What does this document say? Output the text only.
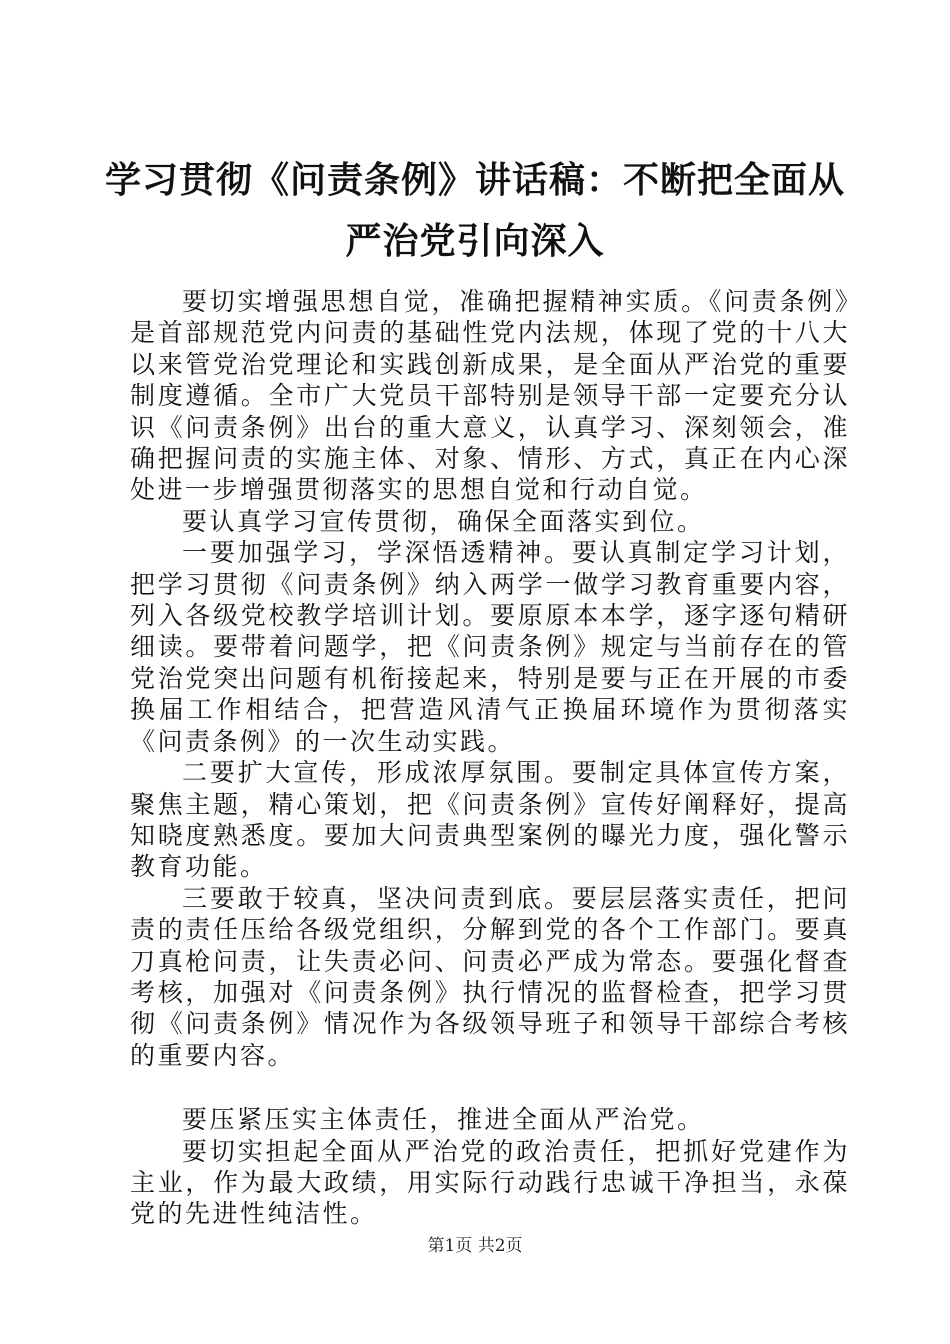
学习贯彻《问责条例》讲话稿：不断把全面从
严治党引向深入

要切实增强思想自觉，准确把握精神实质。《问责条例》是首部规范党内问责的基础性党内法规，体现了党的十八大以来管党治党理论和实践创新成果，是全面从严治党的重要制度遵循。全市广大党员干部特别是领导干部一定要充分认识《问责条例》出台的重大意义，认真学习、深刻领会，准确把握问责的实施主体、对象、情形、方式，真正在内心深处进一步增强贯彻落实的思想自觉和行动自觉。

要认真学习宣传贯彻，确保全面落实到位。

一要加强学习，学深悟透精神。要认真制定学习计划，把学习贯彻《问责条例》纳入两学一做学习教育重要内容，列入各级党校教学培训计划。要原原本本学，逐字逐句精研细读。要带着问题学，把《问责条例》规定与当前存在的管党治党突出问题有机衔接起来，特别是要与正在开展的市委换届工作相结合，把营造风清气正换届环境作为贯彻落实《问责条例》的一次生动实践。

二要扩大宣传，形成浓厚氛围。要制定具体宣传方案，聚焦主题，精心策划，把《问责条例》宣传好阐释好，提高知晓度熟悉度。要加大问责典型案例的曝光力度，强化警示教育功能。

三要敢于较真，坚决问责到底。要层层落实责任，把问责的责任压给各级党组织，分解到党的各个工作部门。要真刀真枪问责，让失责必问、问责必严成为常态。要强化督查考核，加强对《问责条例》执行情况的监督检查，把学习贯彻《问责条例》情况作为各级领导班子和领导干部综合考核的重要内容。

要压紧压实主体责任，推进全面从严治党。

要切实担起全面从严治党的政治责任，把抓好党建作为主业，作为最大政绩，用实际行动践行忠诚干净担当，永葆党的先进性纯洁性。

第1页 共2页
